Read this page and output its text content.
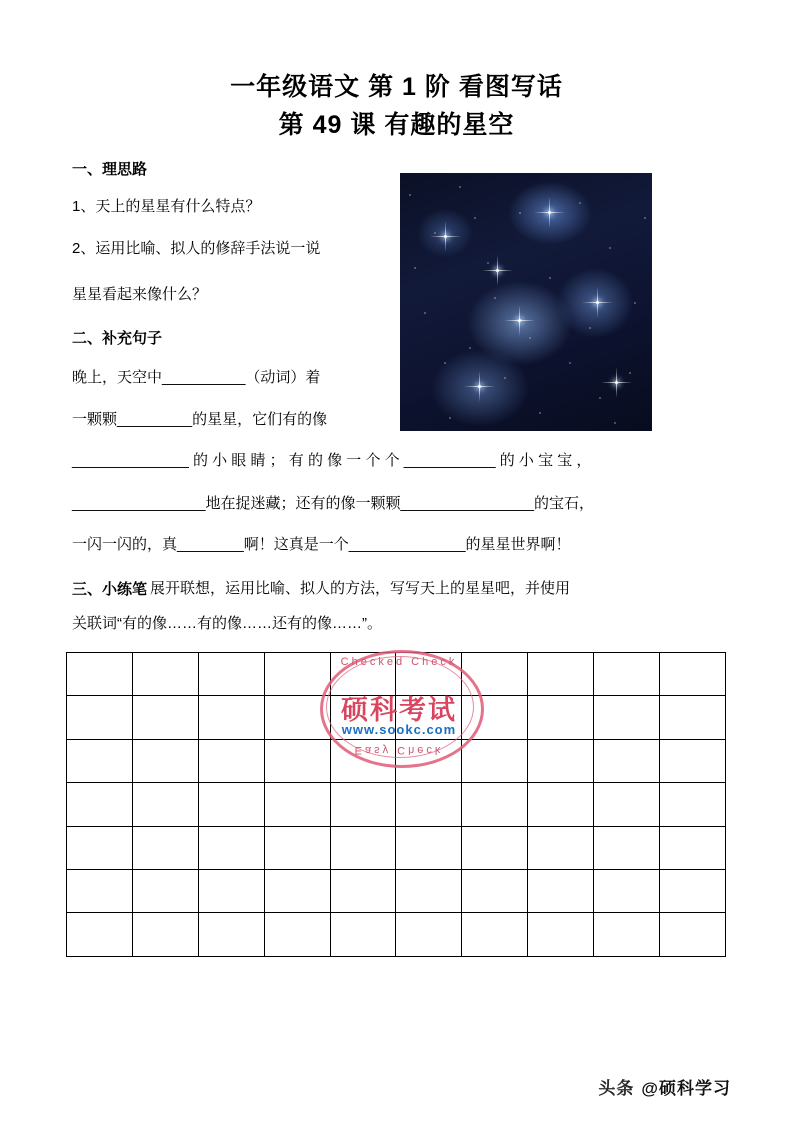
一年级语文 第 1 阶 看图写话
第 49 课 有趣的星空
一、理思路
1、天上的星星有什么特点？
2、运用比喻、拟人的修辞手法说一说
星星看起来像什么？
二、补充句子
晚上，天空中__________（动词）着
一颗颗_________的星星，它们有的像
______________ 的 小 眼 睛 ； 有 的 像 一 个 个 ___________ 的 小 宝 宝 ，
________________地在捉迷藏；还有的像一颗颗________________的宝石，
一闪一闪的，真________啊！这真是一个______________的星星世界啊！
三、小练笔 展开联想，运用比喻、拟人的方法，写写天上的星星吧，并使用
关联词“有的像……有的像……还有的像……”。

Checked Check
Easy Check
硕科考试
www.sookc.com
头条 @硕科学习
